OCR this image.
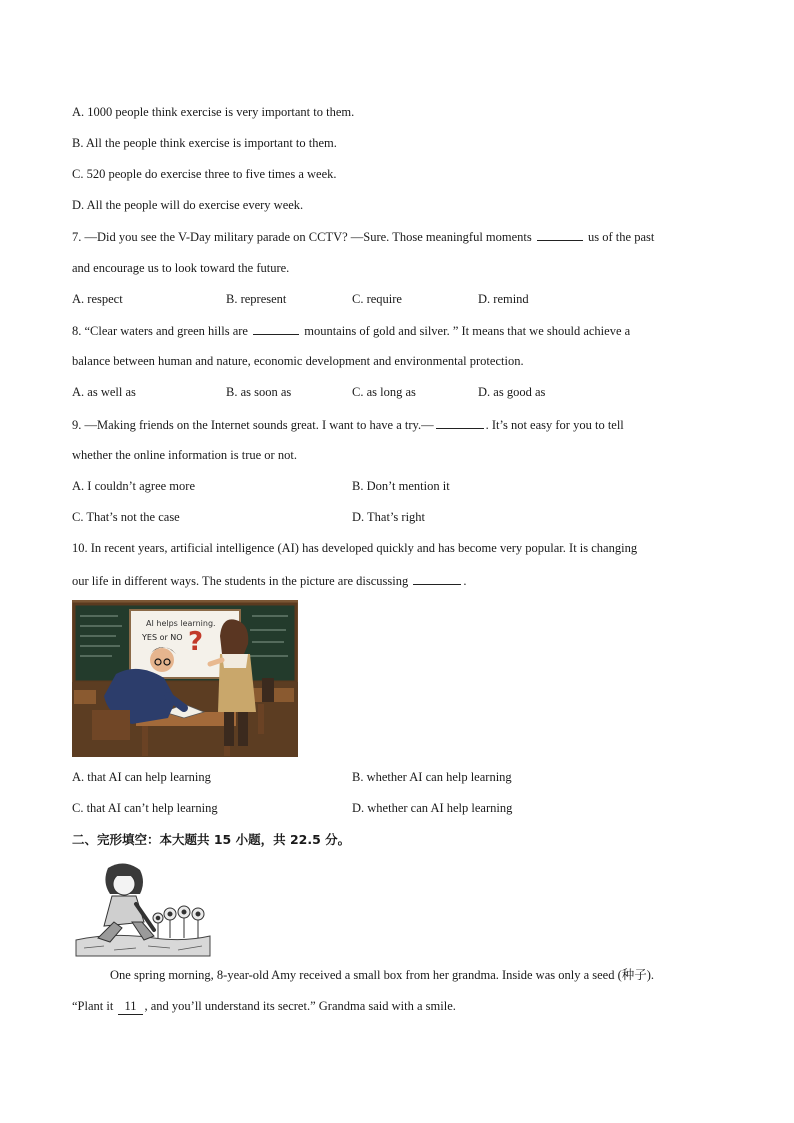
A. 1000 people think exercise is very important to them.
B. All the people think exercise is important to them.
C. 520 people do exercise three to five times a week.
D. All the people will do exercise every week.
7. —Did you see the V-Day military parade on CCTV? —Sure. Those meaningful moments	us of the past
and encourage us to look toward the future.
A. respect	B. represent	C. require	D. remind
8. “Clear waters and green hills are	mountains of gold and silver. ” It means that we should achieve a
balance between human and nature, economic development and environmental protection.
A. as well as	B. as soon as	C. as long as	D. as good as
9. —Making friends on the Internet sounds great. I want to have a try.—	. It’s not easy for you to tell
whether the online information is true or not.
A. I couldn’t agree more	B. Don’t mention it
C. That’s not the case	D. That’s right
10. In recent years, artificial intelligence (AI) has developed quickly and has become very popular. It is changing
our life in different ways. The students in the picture are discussing	.
AI helps learning.
YES or NO ?
A. that AI can help learning	B. whether AI can help learning
C. that AI can’t help learning	D. whether can AI help learning
二、完形填空：本大题共 15 小题，共 22.5 分。
One spring morning, 8-year-old Amy received a small box from her grandma. Inside was only a seed (种子).
“Plant it 11 , and you’ll understand its secret.” Grandma said with a smile.
